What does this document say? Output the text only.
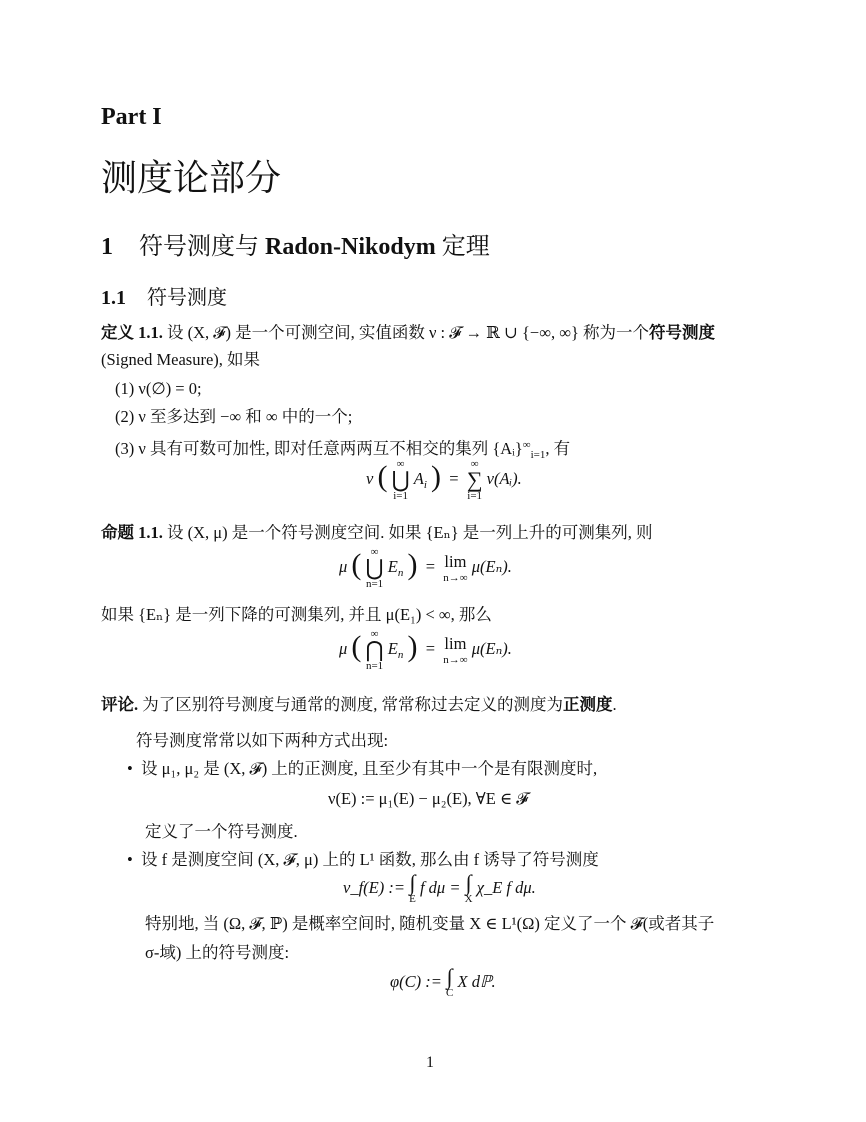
Part I
测度论部分
1 符号测度与 Radon-Nikodym 定理
1.1 符号测度
定义 1.1. 设 (X, 𝓕) 是一个可测空间, 实值函数 ν : 𝓕 → ℝ ∪ {−∞, ∞} 称为一个符号测度
(Signed Measure), 如果
(1) ν(∅) = 0;
(2) ν 至多达到 −∞ 和 ∞ 中的一个;
(3) ν 具有可数可加性, 即对任意两两互不相交的集列 $\{Aᵢ\}^\infty_{i=1}$, 有
ν ( ∞
⋃
i=1
$A_i$ )  =
∞
∑
i=1
ν(Aᵢ).
命题 1.1. 设 (X, μ) 是一个符号测度空间. 如果 {Eₙ} 是一列上升的可测集列, 则
μ ( ∞
⋃
n=1
$E_n$ )  = lim
n→∞
μ(Eₙ).
如果 {Eₙ} 是一列下降的可测集列, 并且 μ(E₁) < ∞, 那么
μ ( ∞
⋂
n=1
$E_n$ )  = lim
n→∞
μ(Eₙ).
评论. 为了区别符号测度与通常的测度, 常常称过去定义的测度为正测度.
符号测度常常以如下两种方式出现:
• 设 μ₁, μ₂ 是 (X, 𝓕) 上的正测度, 且至少有其中一个是有限测度时,
ν(E) := μ₁(E) − μ₂(E), ∀E ∈ 𝓕
定义了一个符号测度.
• 设 f 是测度空间 (X, 𝓕, μ) 上的 L¹ 函数, 那么由 f 诱导了符号测度
ν_f(E) := ∫
E
f dμ = ∫
X
χ_E f dμ.
特别地, 当 (Ω, 𝓕, ℙ) 是概率空间时, 随机变量 X ∈ L¹(Ω) 定义了一个 𝓕(或者其子
σ-域) 上的符号测度:
φ(C) := ∫
C
X dℙ.
1
